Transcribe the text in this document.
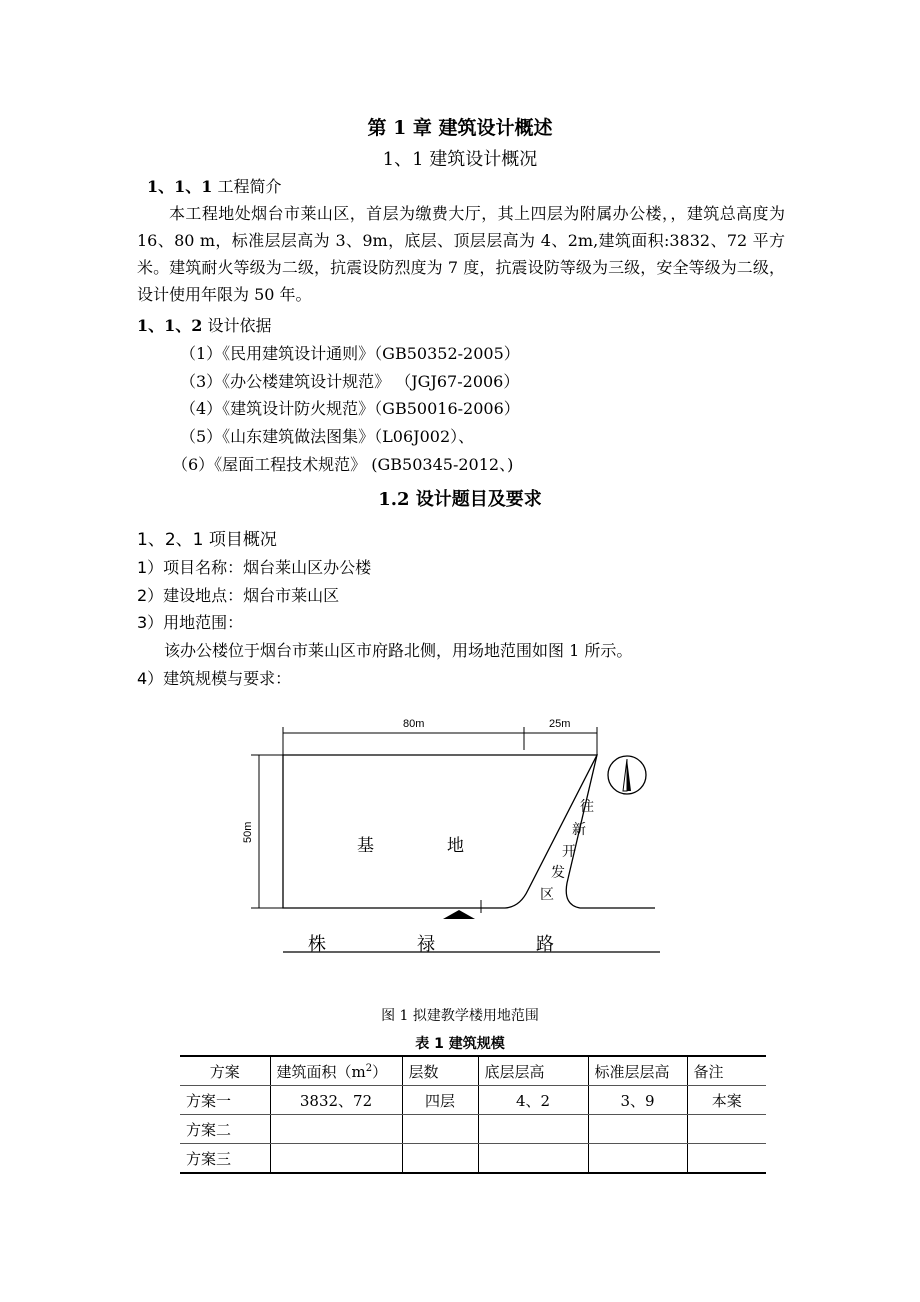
第 1 章 建筑设计概述
1、1 建筑设计概况
1、1、1 工程简介
本工程地处烟台市莱山区，首层为缴费大厅，其上四层为附属办公楼，，建筑总高度为 16、80 m，标准层层高为 3、9m，底层、顶层层高为 4、2m,建筑面积:3832、72 平方米。建筑耐火等级为二级，抗震设防烈度为 7 度，抗震设防等级为三级，安全等级为二级，设计使用年限为 50 年。
1、1、2 设计依据
（1）《民用建筑设计通则》（GB50352-2005）
（3）《办公楼建筑设计规范》 （JGJ67-2006）
（4）《建筑设计防火规范》（GB50016-2006）
（5）《山东建筑做法图集》（L06J002）、
（6）《屋面工程技术规范》 (GB50345-2012、)
1.2 设计题目及要求
1、2、1 项目概况
1）项目名称：烟台莱山区办公楼
2）建设地点：烟台市莱山区
3）用地范围：
该办公楼位于烟台市莱山区市府路北侧，用场地范围如图 1 所示。
4）建筑规模与要求：
80m	25m
50m
基	地
往
新
开
发
区
株	禄	路
图 1 拟建教学楼用地范围
表 1 建筑规模
方案	建筑面积$(m^2)$	层数	底层层高	标准层层高	备注
方案一	3832、72	四层	4、2	3、9	本案
方案二					
方案三					
